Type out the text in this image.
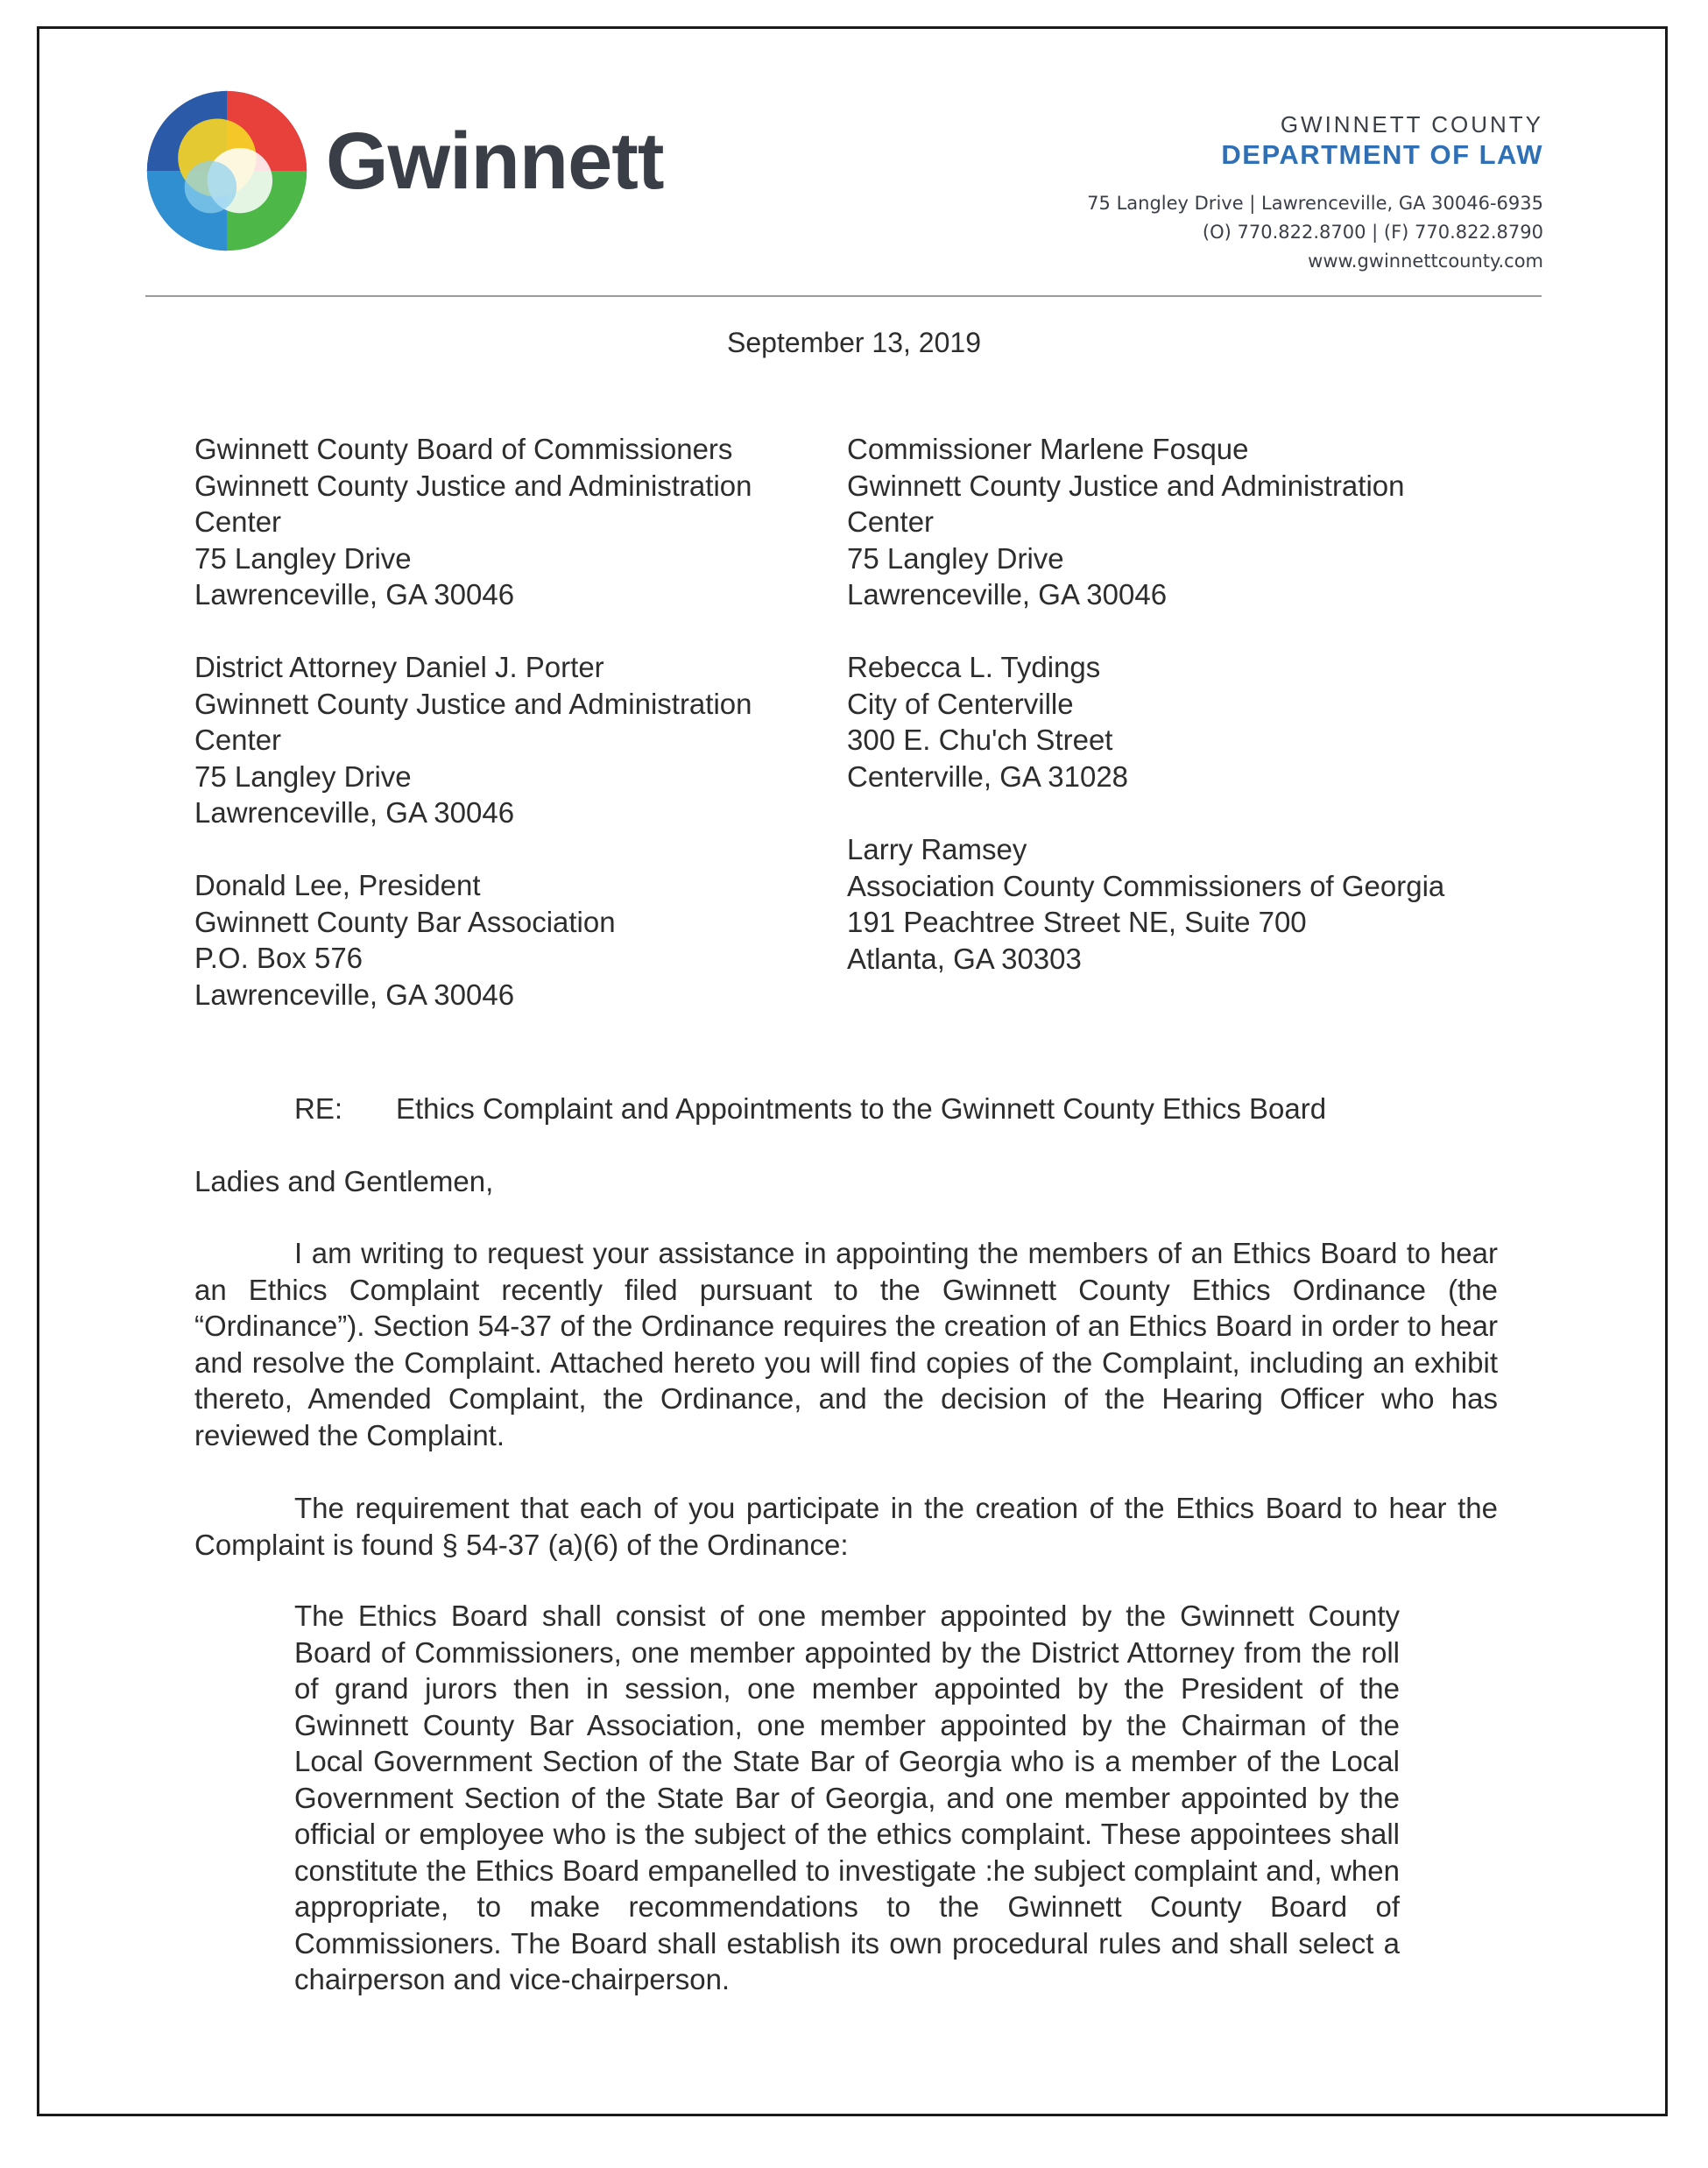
Gwinnett	GWINNETT COUNTY
DEPARTMENT OF LAW
75 Langley Drive | Lawrenceville, GA 30046-6935
(O) 770.822.8700 | (F) 770.822.8790
www.gwinnettcounty.com
September 13, 2019
Gwinnett County Board of Commissioners
Gwinnett County Justice and Administration
Center
75 Langley Drive
Lawrenceville, GA 30046
District Attorney Daniel J. Porter
Gwinnett County Justice and Administration
Center
75 Langley Drive
Lawrenceville, GA 30046
Donald Lee, President
Gwinnett County Bar Association
P.O. Box 576
Lawrenceville, GA 30046
Commissioner Marlene Fosque
Gwinnett County Justice and Administration
Center
75 Langley Drive
Lawrenceville, GA 30046
Rebecca L. Tydings
City of Centerville
300 E. Chu'ch Street
Centerville, GA 31028
Larry Ramsey
Association County Commissioners of Georgia
191 Peachtree Street NE, Suite 700
Atlanta, GA 30303
RE: Ethics Complaint and Appointments to the Gwinnett County Ethics Board
Ladies and Gentlemen,

I am writing to request your assistance in appointing the members of an Ethics Board to hear an Ethics Complaint recently filed pursuant to the Gwinnett County Ethics Ordinance (the “Ordinance”). Section 54-37 of the Ordinance requires the creation of an Ethics Board in order to hear and resolve the Complaint. Attached hereto you will find copies of the Complaint, including an exhibit thereto, Amended Complaint, the Ordinance, and the decision of the Hearing Officer who has reviewed the Complaint.

The requirement that each of you participate in the creation of the Ethics Board to hear the Complaint is found § 54-37 (a)(6) of the Ordinance:

The Ethics Board shall consist of one member appointed by the Gwinnett County Board of Commissioners, one member appointed by the District Attorney from the roll of grand jurors then in session, one member appointed by the President of the Gwinnett County Bar Association, one member appointed by the Chairman of the Local Government Section of the State Bar of Georgia who is a member of the Local Government Section of the State Bar of Georgia, and one member appointed by the official or employee who is the subject of the ethics complaint. These appointees shall constitute the Ethics Board empanelled to investigate :he subject complaint and, when appropriate, to make recommendations to the Gwinnett County Board of Commissioners. The Board shall establish its own procedural rules and shall select a chairperson and vice-chairperson.
